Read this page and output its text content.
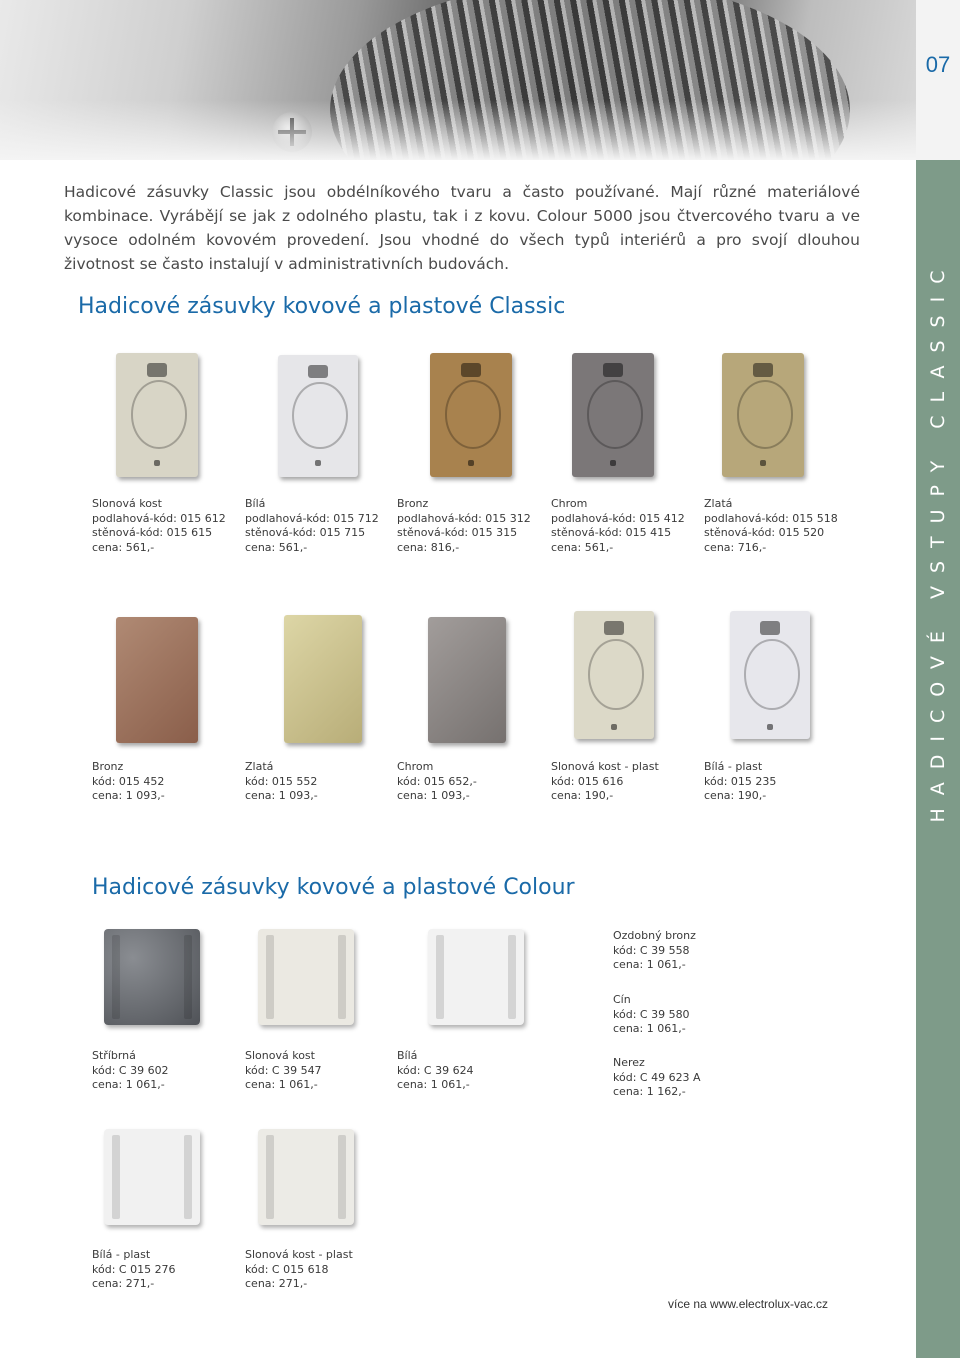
07
HADICOVÉ VSTUPY CLASSIC
Hadicové zásuvky Classic jsou obdélníkového tvaru a často používané. Mají různé materiálové kombinace. Vyrábějí se jak z odolného plastu, tak i z kovu. Colour 5000 jsou čtvercového tvaru a ve vysoce odolném kovovém provedení. Jsou vhodné do všech typů interiérů a pro svojí dlouhou životnost se často instalují v administrativních budovách.
Hadicové zásuvky kovové a plastové Classic
Slonová kost
podlahová-kód: 015 612
stěnová-kód: 015 615
cena: 561,-
Bílá
podlahová-kód: 015 712
stěnová-kód: 015 715
cena: 561,-
Bronz
podlahová-kód: 015 312
stěnová-kód: 015 315
cena: 816,-
Chrom
podlahová-kód: 015 412
stěnová-kód: 015 415
cena: 561,-
Zlatá
podlahová-kód: 015 518
stěnová-kód: 015 520
cena: 716,-
Bronz
kód: 015 452
cena: 1 093,-
Zlatá
kód: 015 552
cena: 1 093,-
Chrom
kód: 015 652,-
cena: 1 093,-
Slonová kost - plast
kód: 015 616
cena: 190,-
Bílá - plast
kód: 015 235
cena: 190,-
Hadicové zásuvky kovové a plastové Colour
Stříbrná
kód: C 39 602
cena: 1 061,-
Slonová kost
kód: C 39 547
cena: 1 061,-
Bílá
kód: C 39 624
cena: 1 061,-
Ozdobný bronz
kód: C 39 558
cena: 1 061,-
Cín
kód: C 39 580
cena: 1 061,-
Nerez
kód: C 49 623 A
cena: 1 162,-
Bílá - plast
kód: C 015 276
cena: 271,-
Slonová kost - plast
kód: C 015 618
cena: 271,-
více na www.electrolux-vac.cz
